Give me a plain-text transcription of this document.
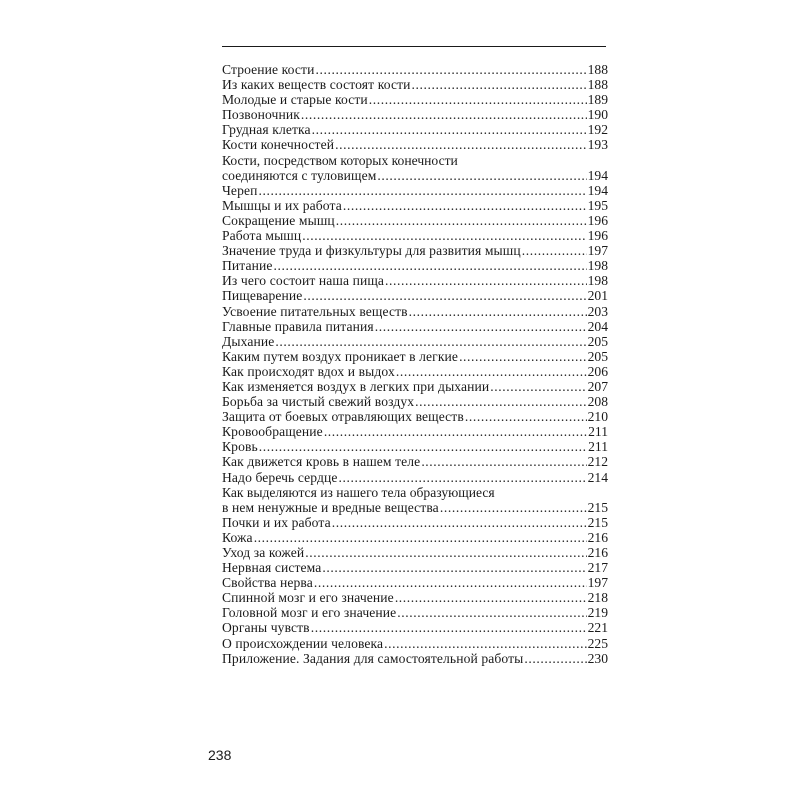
Строение кости .....	188
Из каких веществ состоят кости .....	188
Молодые и старые кости .....	189
Позвоночник .....	190
Грудная клетка .....	192
Кости конечностей .....	193
Кости, посредством которых конечности
соединяются с туловищем .....	194
Череп .....	194
Мышцы и их работа .....	195
Сокращение мышц .....	196
Работа мышц .....	196
Значение труда и физкультуры для развития мышц .....	197
Питание .....	198
Из чего состоит наша пища .....	198
Пищеварение .....	201
Усвоение питательных веществ .....	203
Главные правила питания .....	204
Дыхание .....	205
Каким путем воздух проникает в легкие .....	205
Как происходят вдох и выдох .....	206
Как изменяется воздух в легких при дыхании .....	207
Борьба за чистый свежий воздух .....	208
Защита от боевых отравляющих веществ .....	210
Кровообращение .....	211
Кровь .....	211
Как движется кровь в нашем теле .....	212
Надо беречь сердце .....	214
Как выделяются из нашего тела образующиеся
в нем ненужные и вредные вещества .....	215
Почки и их работа .....	215
Кожа .....	216
Уход за кожей .....	216
Нервная система .....	217
Свойства нерва .....	197
Спинной мозг и его значение .....	218
Головной мозг и его значение .....	219
Органы чувств .....	221
О происхождении человека .....	225
Приложение. Задания для самостоятельной работы .....	230
238
